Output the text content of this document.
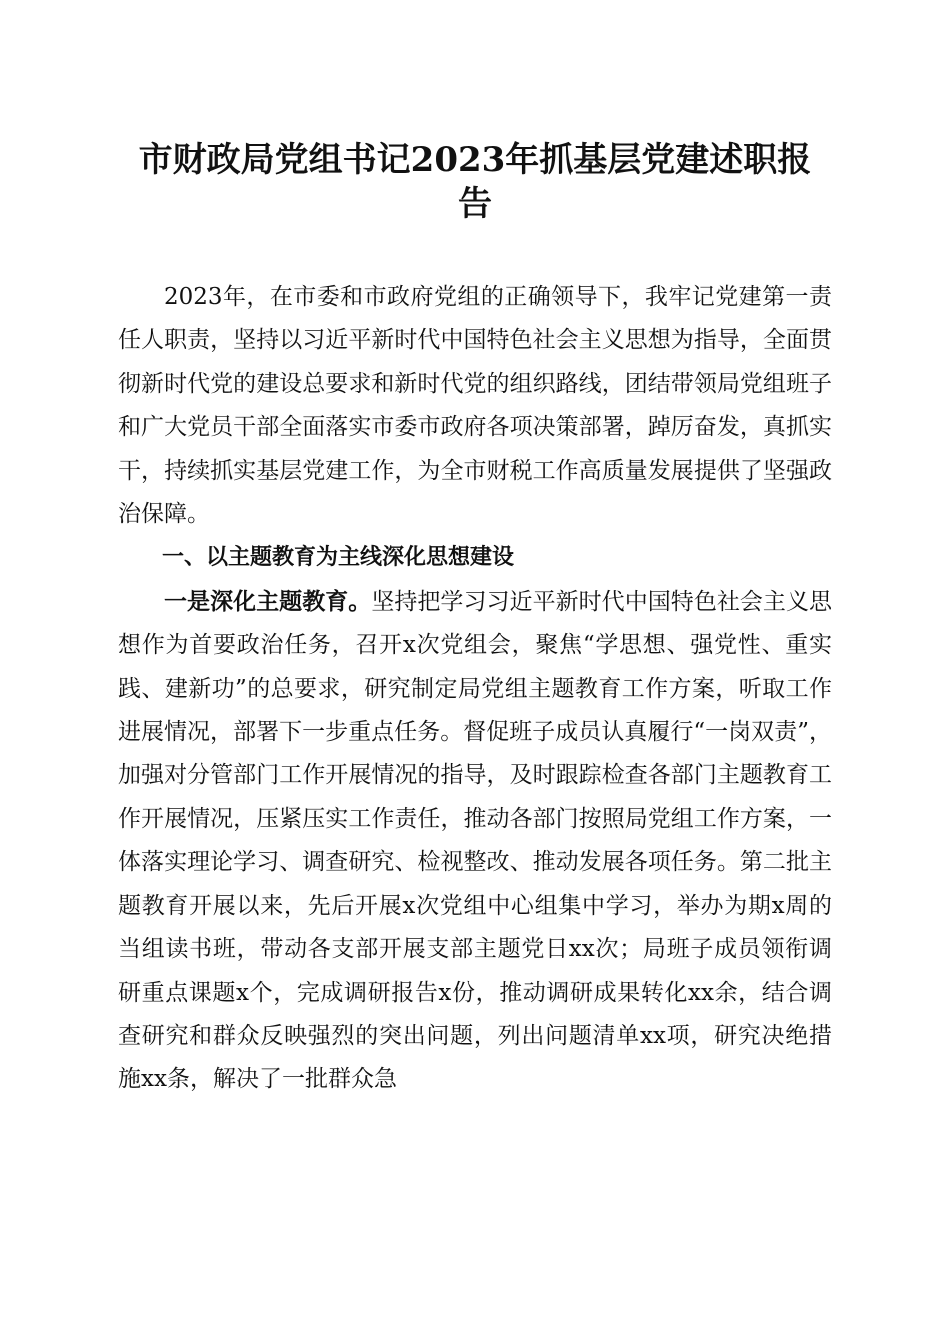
市财政局党组书记2023年抓基层党建述职报
告

2023年，在市委和市政府党组的正确领导下，我牢记党建第一责任人职责，坚持以习近平新时代中国特色社会主义思想为指导，全面贯彻新时代党的建设总要求和新时代党的组织路线，团结带领局党组班子和广大党员干部全面落实市委市政府各项决策部署，踔厉奋发，真抓实干，持续抓实基层党建工作，为全市财税工作高质量发展提供了坚强政治保障。

一、以主题教育为主线深化思想建设

一是深化主题教育。坚持把学习习近平新时代中国特色社会主义思想作为首要政治任务，召开x次党组会，聚焦“学思想、强党性、重实践、建新功”的总要求，研究制定局党组主题教育工作方案，听取工作进展情况，部署下一步重点任务。督促班子成员认真履行“一岗双责”，加强对分管部门工作开展情况的指导，及时跟踪检查各部门主题教育工作开展情况，压紧压实工作责任，推动各部门按照局党组工作方案，一体落实理论学习、调查研究、检视整改、推动发展各项任务。第二批主题教育开展以来，先后开展x次党组中心组集中学习，举办为期x周的当组读书班，带动各支部开展支部主题党日xx次；局班子成员领衔调研重点课题x个，完成调研报告x份，推动调研成果转化xx余，结合调查研究和群众反映强烈的突出问题，列出问题清单xx项，研究决绝措施xx条，解决了一批群众急
